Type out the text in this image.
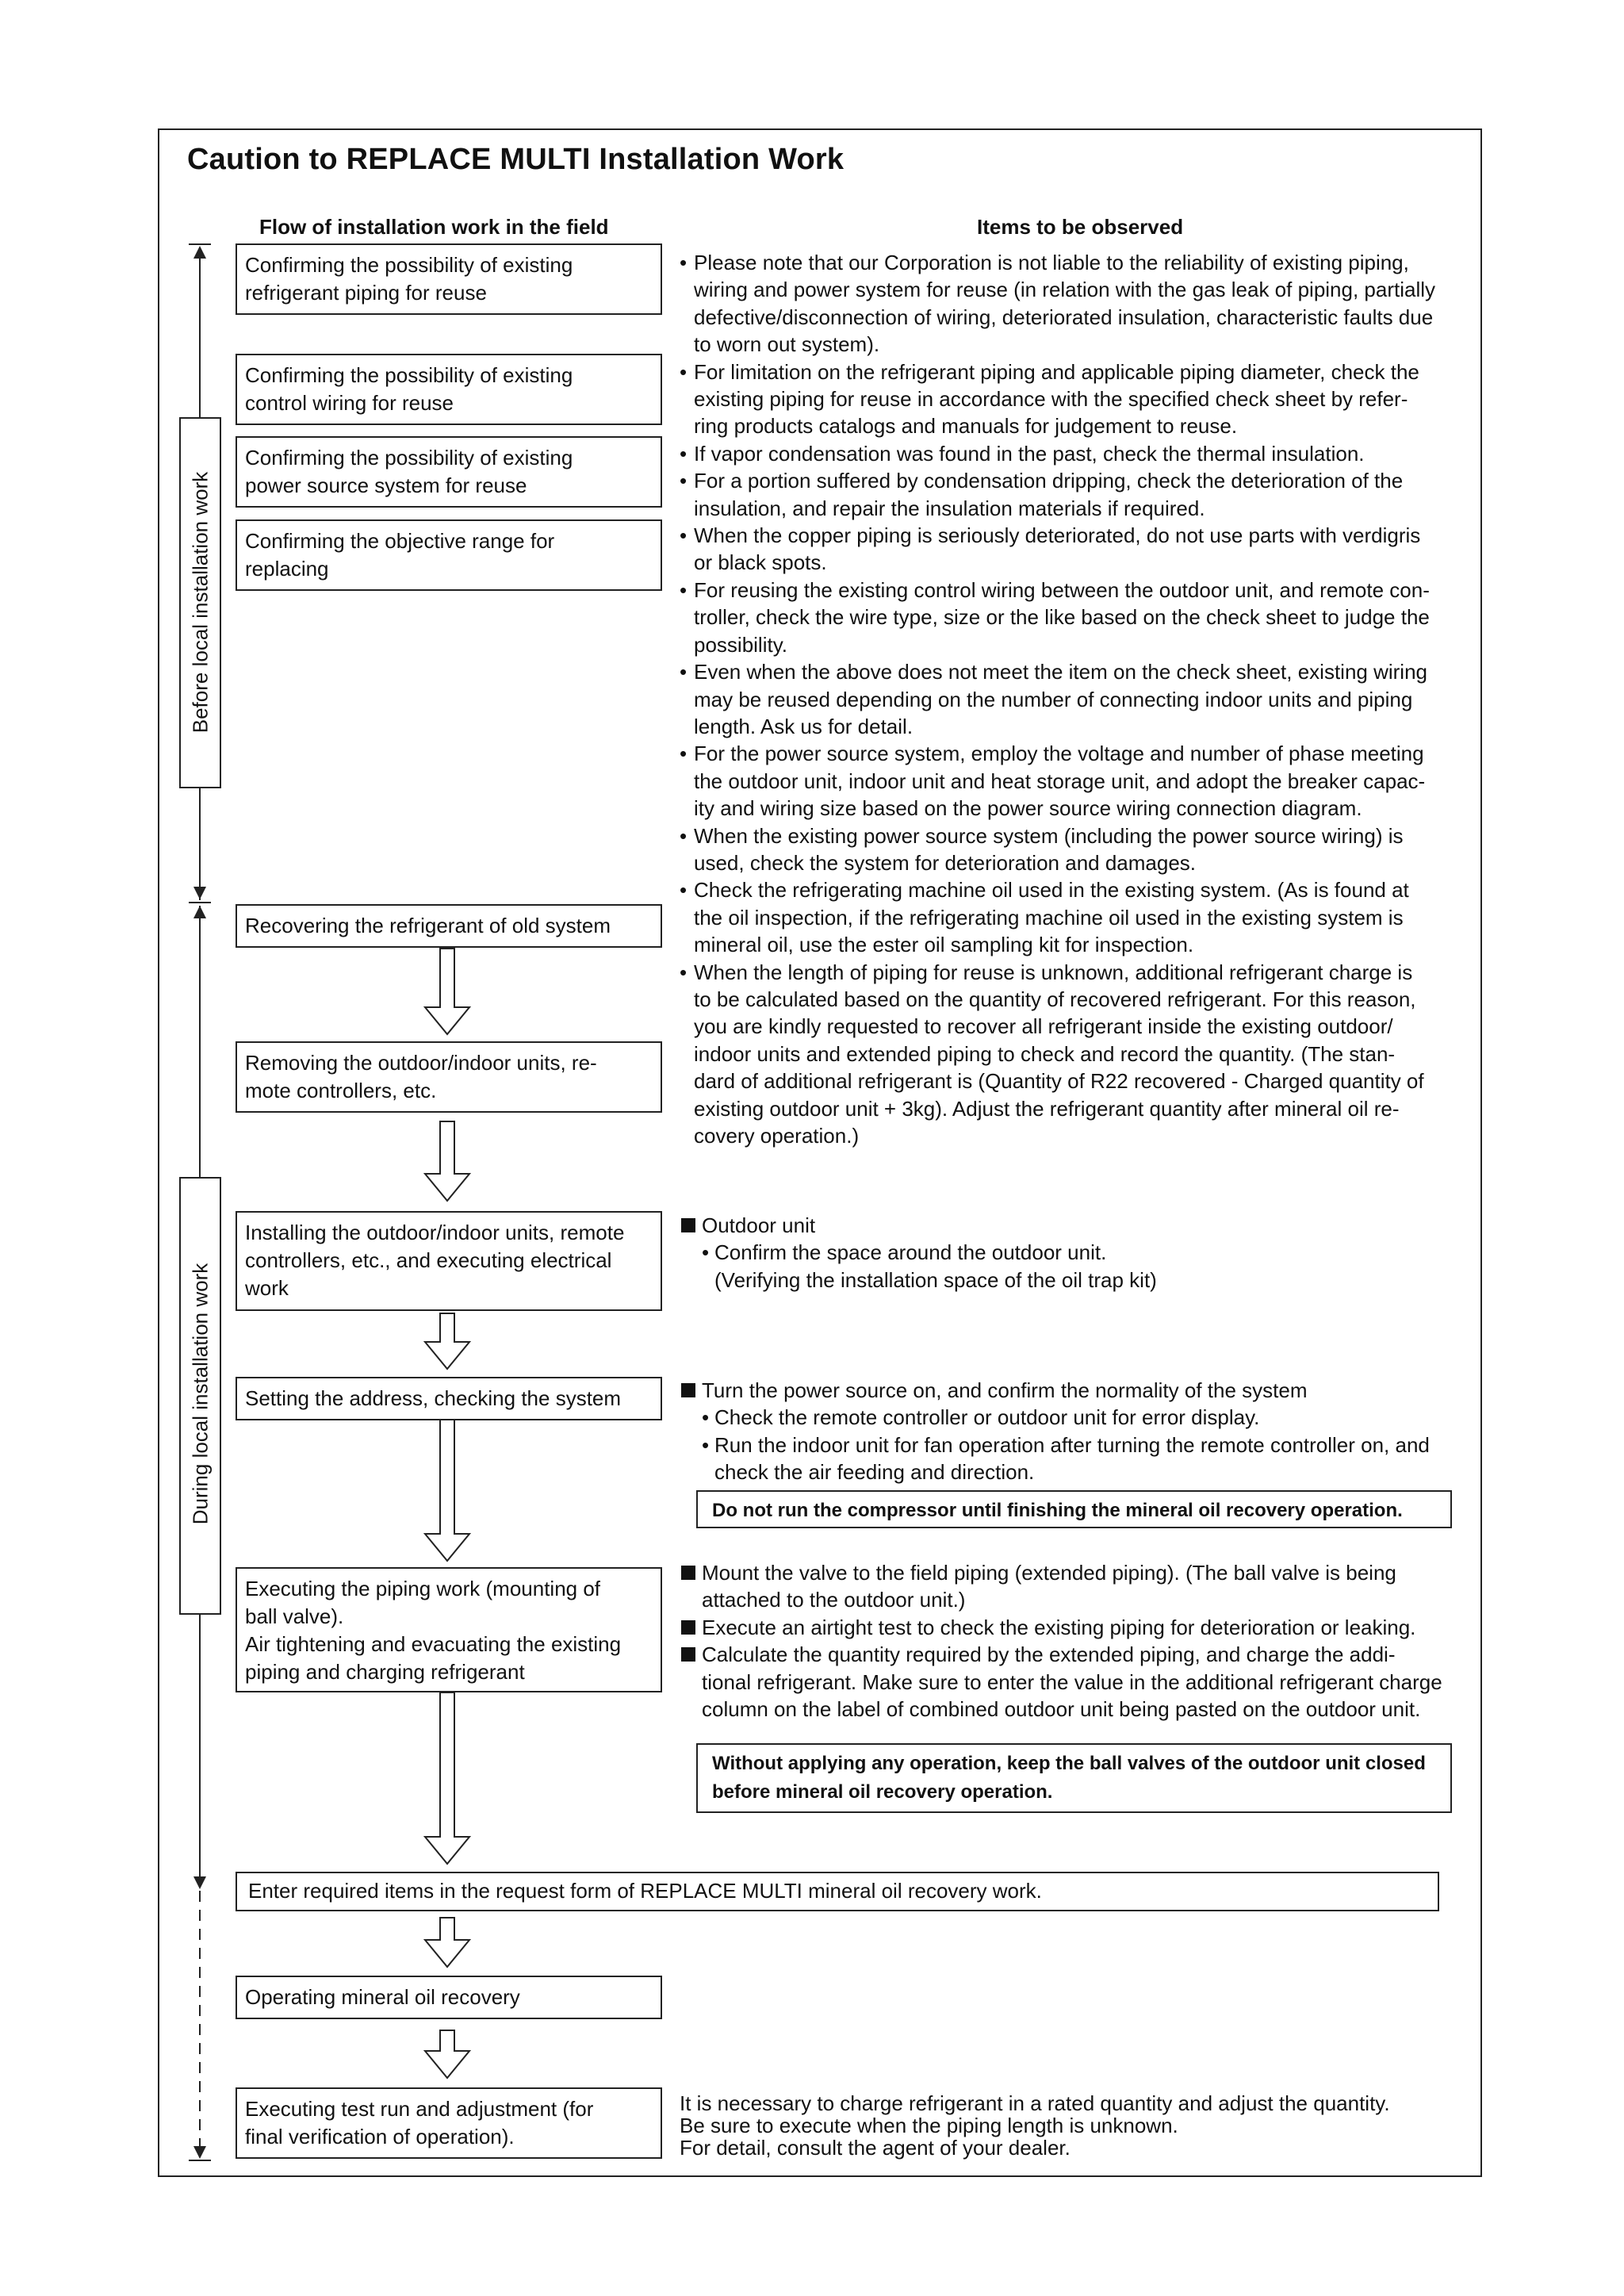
Caution to REPLACE MULTI Installation Work
Flow of installation work in the field	Items to be observed
Before local installation work
During local installation work
Confirming the possibility of existing
refrigerant piping for reuse
Confirming the possibility of existing
control wiring for reuse
Confirming the possibility of existing
power source system for reuse
Confirming the objective range for
replacing
Recovering the refrigerant of old system
Removing the outdoor/indoor units, re-
mote controllers, etc.
Installing the outdoor/indoor units, remote
controllers, etc., and executing electrical
work
Setting the address, checking the system
Executing the piping work (mounting of
ball valve).
Air tightening and evacuating the existing
piping and charging refrigerant
Enter required items in the request form of REPLACE MULTI mineral oil recovery work.
Operating mineral oil recovery
Executing test run and adjustment (for
final verification of operation).

• Please note that our Corporation is not liable to the reliability of existing piping,
wiring and power system for reuse (in relation with the gas leak of piping, partially
defective/disconnection of wiring, deteriorated insulation, characteristic faults due
to worn out system).

• For limitation on the refrigerant piping and applicable piping diameter, check the
existing piping for reuse in accordance with the specified check sheet by refer-
ring products catalogs and manuals for judgement to reuse.

• If vapor condensation was found in the past, check the thermal insulation.

• For a portion suffered by condensation dripping, check the deterioration of the
insulation, and repair the insulation materials if required.

• When the copper piping is seriously deteriorated, do not use parts with verdigris
or black spots.

• For reusing the existing control wiring between the outdoor unit, and remote con-
troller, check the wire type, size or the like based on the check sheet to judge the
possibility.

• Even when the above does not meet the item on the check sheet, existing wiring
may be reused depending on the number of connecting indoor units and piping
length. Ask us for detail.

• For the power source system, employ the voltage and number of phase meeting
the outdoor unit, indoor unit and heat storage unit, and adopt the breaker capac-
ity and wiring size based on the power source wiring connection diagram.

• When the existing power source system (including the power source wiring) is
used, check the system for deterioration and damages.

• Check the refrigerating machine oil used in the existing system. (As is found at
the oil inspection, if the refrigerating machine oil used in the existing system is
mineral oil, use the ester oil sampling kit for inspection.

• When the length of piping for reuse is unknown, additional refrigerant charge is
to be calculated based on the quantity of recovered refrigerant. For this reason,
you are kindly requested to recover all refrigerant inside the existing outdoor/
indoor units and extended piping to check and record the quantity. (The stan-
dard of additional refrigerant is (Quantity of R22 recovered - Charged quantity of
existing outdoor unit + 3kg). Adjust the refrigerant quantity after mineral oil re-
covery operation.)

Outdoor unit

• Confirm the space around the outdoor unit.

(Verifying the installation space of the oil trap kit)

Turn the power source on, and confirm the normality of the system

• Check the remote controller or outdoor unit for error display.

• Run the indoor unit for fan operation after turning the remote controller on, and
check the air feeding and direction.

Do not run the compressor until finishing the mineral oil recovery operation.

Mount the valve to the field piping (extended piping). (The ball valve is being
attached to the outdoor unit.)

Execute an airtight test to check the existing piping for deterioration or leaking.

Calculate the quantity required by the extended piping, and charge the addi-
tional refrigerant. Make sure to enter the value in the additional refrigerant charge
column on the label of combined outdoor unit being pasted on the outdoor unit.

Without applying any operation, keep the ball valves of the outdoor unit closed
before mineral oil recovery operation.
It is necessary to charge refrigerant in a rated quantity and adjust the quantity.
Be sure to execute when the piping length is unknown.
For detail, consult the agent of your dealer.
